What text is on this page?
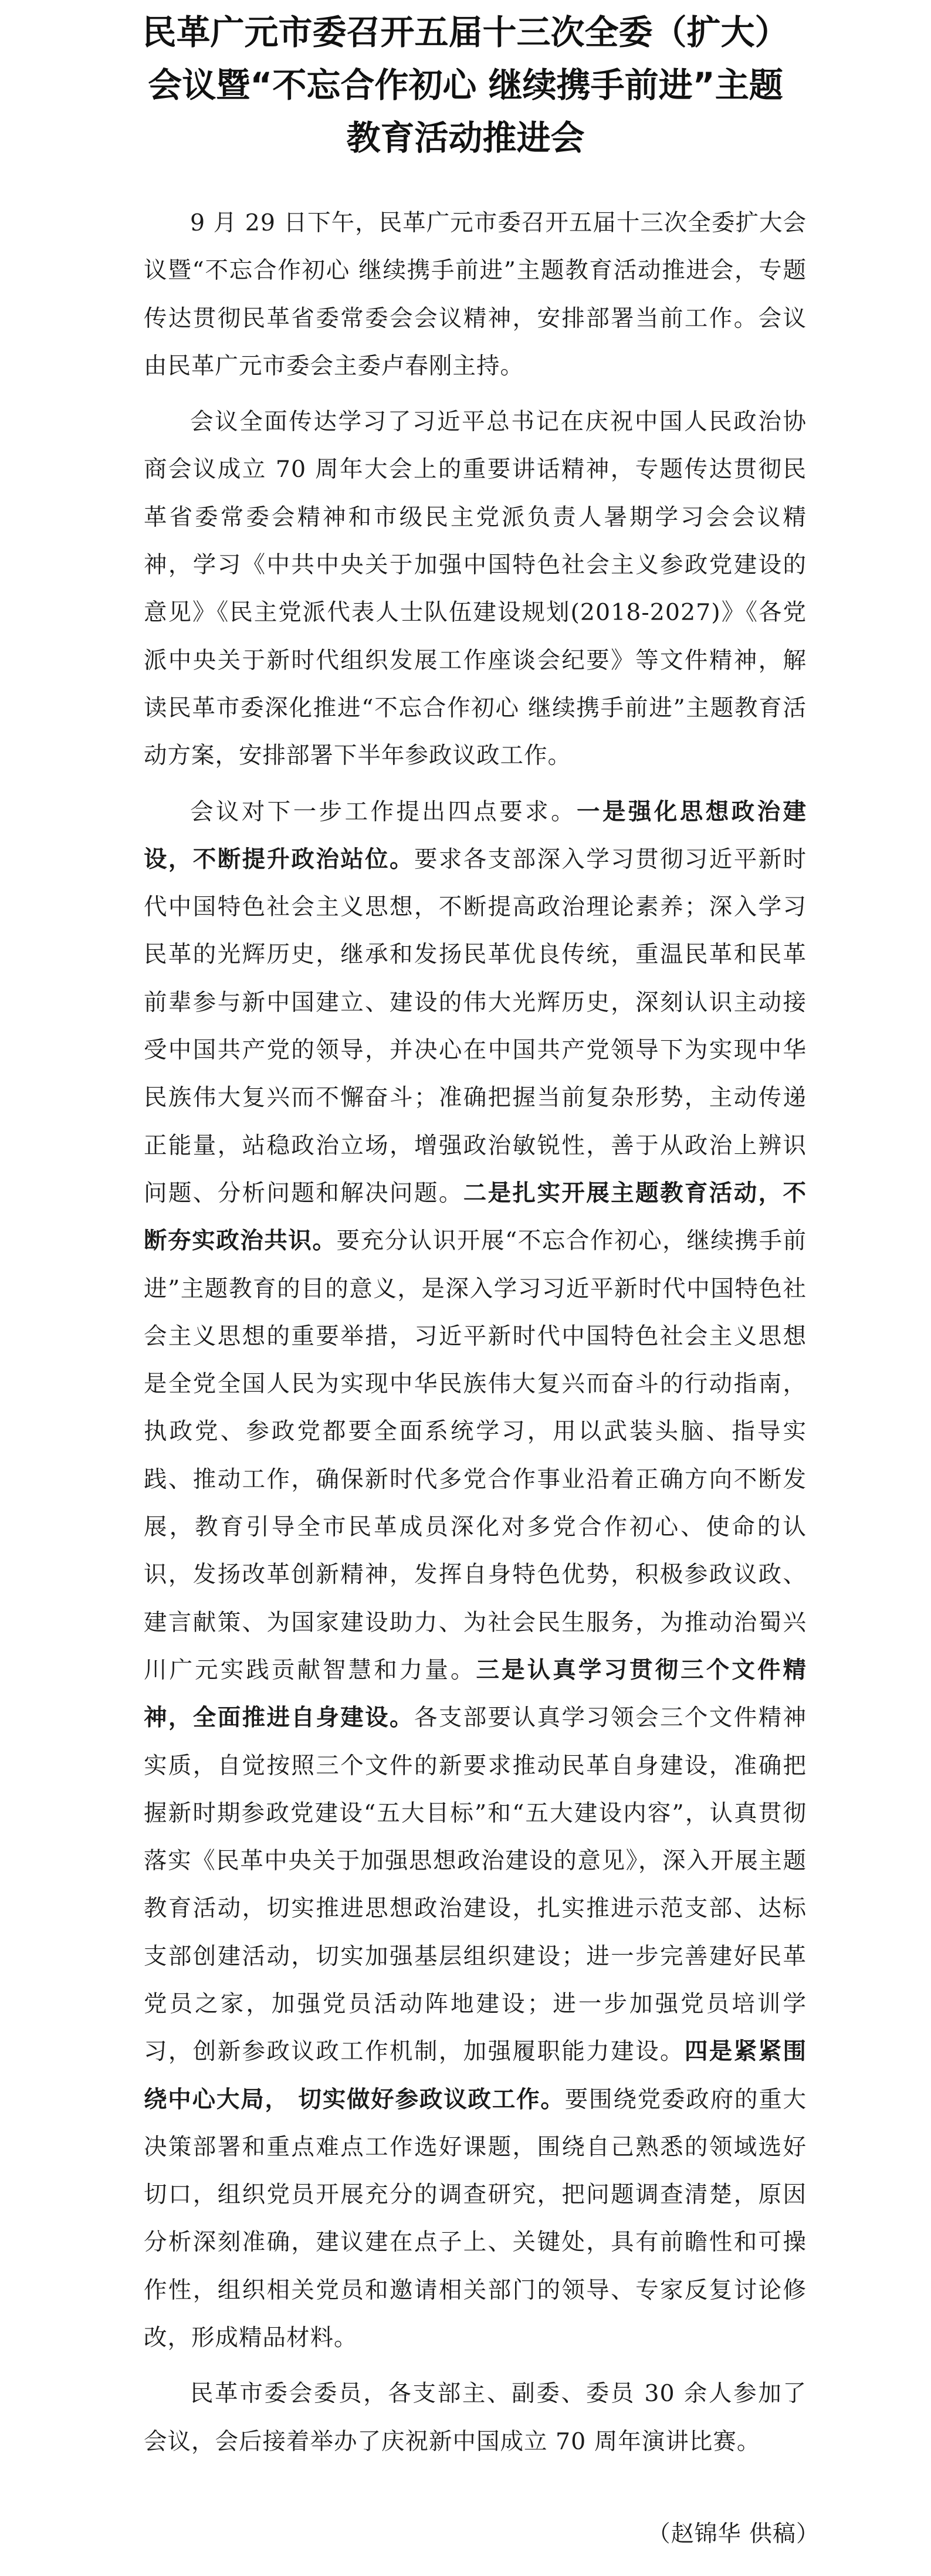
民革广元市委召开五届十三次全委（扩大）
会议暨“不忘合作初心 继续携手前进”主题
教育活动推进会

9 月 29 日下午，民革广元市委召开五届十三次全委扩大会议暨“不忘合作初心 继续携手前进”主题教育活动推进会，专题传达贯彻民革省委常委会会议精神，安排部署当前工作。会议由民革广元市委会主委卢春刚主持。

会议全面传达学习了习近平总书记在庆祝中国人民政治协商会议成立 70 周年大会上的重要讲话精神，专题传达贯彻民革省委常委会精神和市级民主党派负责人暑期学习会会议精神，学习《中共中央关于加强中国特色社会主义参政党建设的意见》《民主党派代表人士队伍建设规划(2018-2027)》《各党派中央关于新时代组织发展工作座谈会纪要》等文件精神，解读民革市委深化推进“不忘合作初心 继续携手前进”主题教育活动方案，安排部署下半年参政议政工作。

会议对下一步工作提出四点要求。一是强化思想政治建设，不断提升政治站位。要求各支部深入学习贯彻习近平新时代中国特色社会主义思想，不断提高政治理论素养；深入学习民革的光辉历史，继承和发扬民革优良传统，重温民革和民革前辈参与新中国建立、建设的伟大光辉历史，深刻认识主动接受中国共产党的领导，并决心在中国共产党领导下为实现中华民族伟大复兴而不懈奋斗；准确把握当前复杂形势，主动传递正能量，站稳政治立场，增强政治敏锐性，善于从政治上辨识问题、分析问题和解决问题。二是扎实开展主题教育活动，不断夯实政治共识。要充分认识开展“不忘合作初心，继续携手前进”主题教育的目的意义，是深入学习习近平新时代中国特色社会主义思想的重要举措，习近平新时代中国特色社会主义思想是全党全国人民为实现中华民族伟大复兴而奋斗的行动指南， 执政党、参政党都要全面系统学习，用以武装头脑、指导实践、推动工作，确保新时代多党合作事业沿着正确方向不断发展，教育引导全市民革成员深化对多党合作初心、使命的认识，发扬改革创新精神，发挥自身特色优势，积极参政议政、建言献策、为国家建设助力、为社会民生服务，为推动治蜀兴川广元实践贡献智慧和力量。三是认真学习贯彻三个文件精神，全面推进自身建设。各支部要认真学习领会三个文件精神实质，自觉按照三个文件的新要求推动民革自身建设，准确把握新时期参政党建设“五大目标”和“五大建设内容”，认真贯彻落实《民革中央关于加强思想政治建设的意见》，深入开展主题教育活动，切实推进思想政治建设，扎实推进示范支部、达标支部创建活动，切实加强基层组织建设；进一步完善建好民革党员之家，加强党员活动阵地建设；进一步加强党员培训学习，创新参政议政工作机制，加强履职能力建设。四是紧紧围绕中心大局， 切实做好参政议政工作。要围绕党委政府的重大决策部署和重点难点工作选好课题，围绕自己熟悉的领域选好切口，组织党员开展充分的调查研究，把问题调查清楚，原因分析深刻准确，建议建在点子上、关键处，具有前瞻性和可操作性，组织相关党员和邀请相关部门的领导、专家反复讨论修改，形成精品材料。

民革市委会委员，各支部主、副委、委员 30 余人参加了会议，会后接着举办了庆祝新中国成立 70 周年演讲比赛。

（赵锦华 供稿）
